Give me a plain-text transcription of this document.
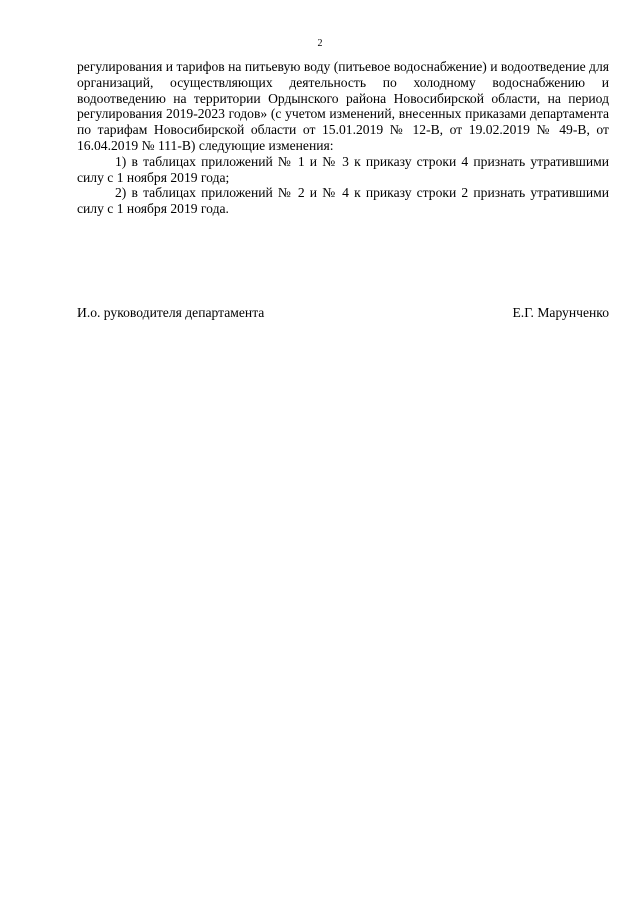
2

регулирования и тарифов на питьевую воду (питьевое водоснабжение) и водоотведение для организаций, осуществляющих деятельность по холодному водоснабжению и водоотведению на территории Ордынского района Новосибирской области, на период регулирования 2019-2023 годов» (с учетом изменений, внесенных приказами департамента по тарифам Новосибирской области от 15.01.2019 № 12-В, от 19.02.2019 № 49-В, от 16.04.2019 № 111-В) следующие изменения:

1) в таблицах приложений № 1 и № 3 к приказу строки 4 признать утратившими силу с 1 ноября 2019 года;

2) в таблицах приложений № 2 и № 4 к приказу строки 2 признать утратившими силу с 1 ноября 2019 года.

И.о. руководителя департамента	Е.Г. Марунченко
